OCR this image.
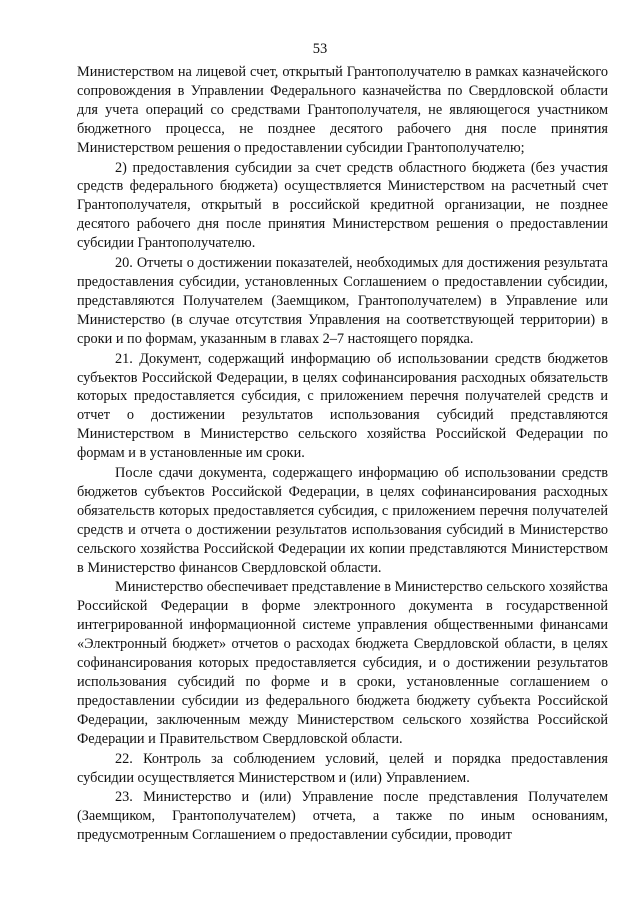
53

Министерством на лицевой счет, открытый Грантополучателю в рамках казначейского сопровождения в Управлении Федерального казначейства по Свердловской области для учета операций со средствами Грантополучателя, не являющегося участником бюджетного процесса, не позднее десятого рабочего дня после принятия Министерством решения о предоставлении субсидии Грантополучателю;

2) предоставления субсидии за счет средств областного бюджета (без участия средств федерального бюджета) осуществляется Министерством на расчетный счет Грантополучателя, открытый в российской кредитной организации, не позднее десятого рабочего дня после принятия Министерством решения о предоставлении субсидии Грантополучателю.

20. Отчеты о достижении показателей, необходимых для достижения результата предоставления субсидии, установленных Соглашением о предоставлении субсидии, представляются Получателем (Заемщиком, Грантополучателем) в Управление или Министерство (в случае отсутствия Управления на соответствующей территории) в сроки и по формам, указанным в главах 2–7 настоящего порядка.

21. Документ, содержащий информацию об использовании средств бюджетов субъектов Российской Федерации, в целях софинансирования расходных обязательств которых предоставляется субсидия, с приложением перечня получателей средств и отчет о достижении результатов использования субсидий представляются Министерством в Министерство сельского хозяйства Российской Федерации по формам и в установленные им сроки.

После сдачи документа, содержащего информацию об использовании средств бюджетов субъектов Российской Федерации, в целях софинансирования расходных обязательств которых предоставляется субсидия, с приложением перечня получателей средств и отчета о достижении результатов использования субсидий в Министерство сельского хозяйства Российской Федерации их копии представляются Министерством в Министерство финансов Свердловской области.

Министерство обеспечивает представление в Министерство сельского хозяйства Российской Федерации в форме электронного документа в государственной интегрированной информационной системе управления общественными финансами «Электронный бюджет» отчетов о расходах бюджета Свердловской области, в целях софинансирования которых предоставляется субсидия, и о достижении результатов использования субсидий по форме и в сроки, установленные соглашением о предоставлении субсидии из федерального бюджета бюджету субъекта Российской Федерации, заключенным между Министерством сельского хозяйства Российской Федерации и Правительством Свердловской области.

22. Контроль за соблюдением условий, целей и порядка предоставления субсидии осуществляется Министерством и (или) Управлением.

23. Министерство и (или) Управление после представления Получателем (Заемщиком, Грантополучателем) отчета, а также по иным основаниям, предусмотренным Соглашением о предоставлении субсидии, проводит
